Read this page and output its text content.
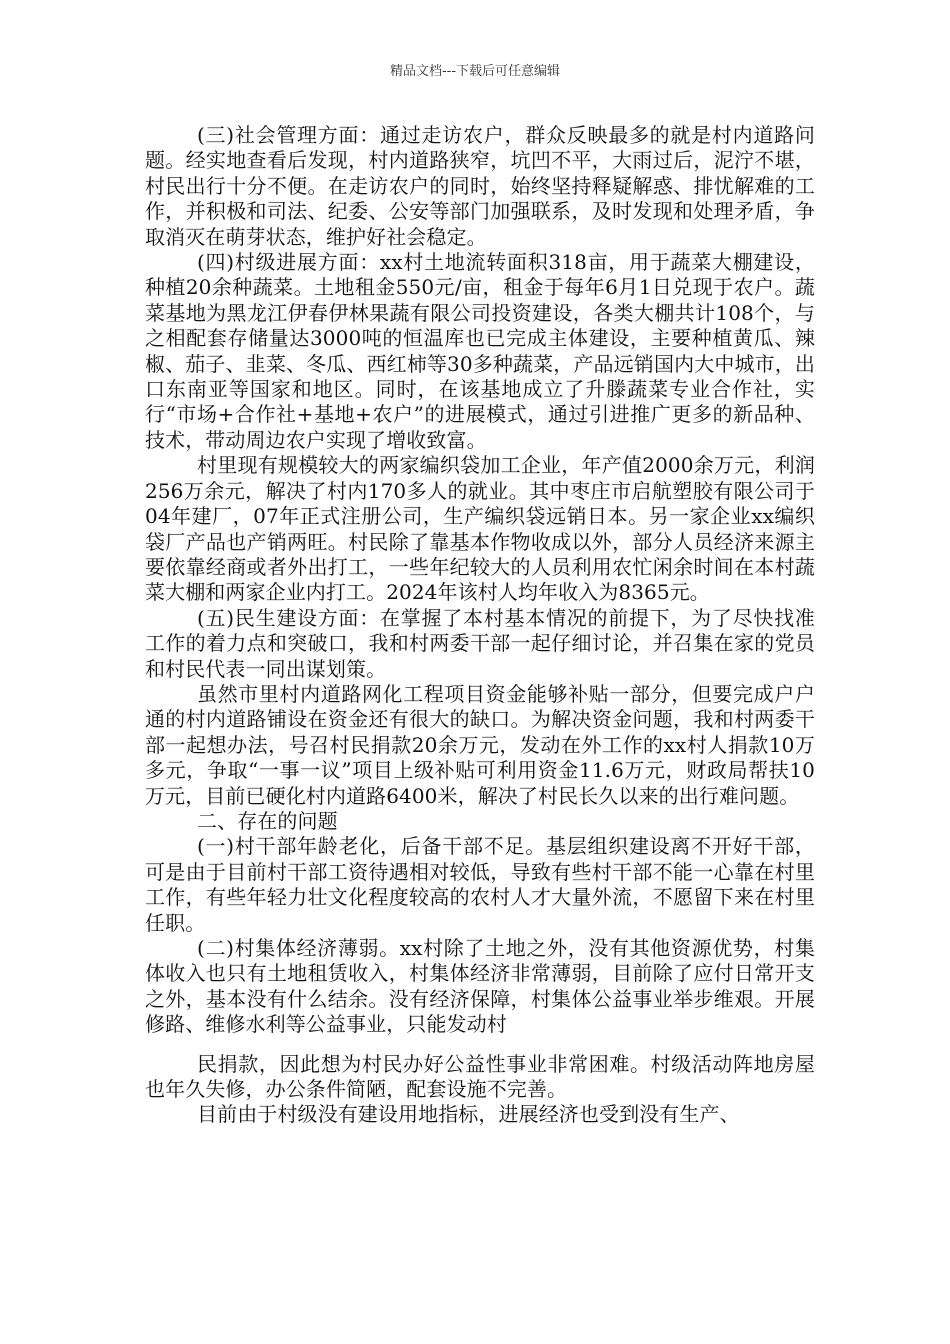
精品文档---下载后可任意编辑

(三)社会管理方面：通过走访农户，群众反映最多的就是村内道路问题。经实地查看后发现，村内道路狭窄，坑凹不平，大雨过后，泥泞不堪，村民出行十分不便。在走访农户的同时，始终坚持释疑解惑、排忧解难的工作，并积极和司法、纪委、公安等部门加强联系，及时发现和处理矛盾，争取消灭在萌芽状态，维护好社会稳定。

(四)村级进展方面：xx村土地流转面积318亩，用于蔬菜大棚建设，种植20余种蔬菜。土地租金550元/亩，租金于每年6月1日兑现于农户。蔬菜基地为黑龙江伊春伊林果蔬有限公司投资建设，各类大棚共计108个，与之相配套存储量达3000吨的恒温库也已完成主体建设，主要种植黄瓜、辣椒、茄子、韭菜、冬瓜、西红柿等30多种蔬菜，产品远销国内大中城市，出口东南亚等国家和地区。同时，在该基地成立了升滕蔬菜专业合作社，实行“市场+合作社+基地+农户”的进展模式，通过引进推广更多的新品种、技术，带动周边农户实现了增收致富。

村里现有规模较大的两家编织袋加工企业，年产值2000余万元，利润256万余元，解决了村内170多人的就业。其中枣庄市启航塑胶有限公司于04年建厂，07年正式注册公司，生产编织袋远销日本。另一家企业xx编织袋厂产品也产销两旺。村民除了靠基本作物收成以外，部分人员经济来源主要依靠经商或者外出打工，一些年纪较大的人员利用农忙闲余时间在本村蔬菜大棚和两家企业内打工。2024年该村人均年收入为8365元。

(五)民生建设方面：在掌握了本村基本情况的前提下，为了尽快找准工作的着力点和突破口，我和村两委干部一起仔细讨论，并召集在家的党员和村民代表一同出谋划策。

虽然市里村内道路网化工程项目资金能够补贴一部分，但要完成户户通的村内道路铺设在资金还有很大的缺口。为解决资金问题，我和村两委干部一起想办法，号召村民捐款20余万元，发动在外工作的xx村人捐款10万多元，争取“一事一议”项目上级补贴可利用资金11.6万元，财政局帮扶10万元，目前已硬化村内道路6400米，解决了村民长久以来的出行难问题。

二、存在的问题

(一)村干部年龄老化，后备干部不足。基层组织建设离不开好干部，可是由于目前村干部工资待遇相对较低，导致有些村干部不能一心靠在村里工作，有些年轻力壮文化程度较高的农村人才大量外流，不愿留下来在村里任职。

(二)村集体经济薄弱。xx村除了土地之外，没有其他资源优势，村集体收入也只有土地租赁收入，村集体经济非常薄弱，目前除了应付日常开支之外，基本没有什么结余。没有经济保障，村集体公益事业举步维艰。开展修路、维修水利等公益事业，只能发动村

民捐款，因此想为村民办好公益性事业非常困难。村级活动阵地房屋也年久失修，办公条件简陋，配套设施不完善。

目前由于村级没有建设用地指标，进展经济也受到没有生产、
